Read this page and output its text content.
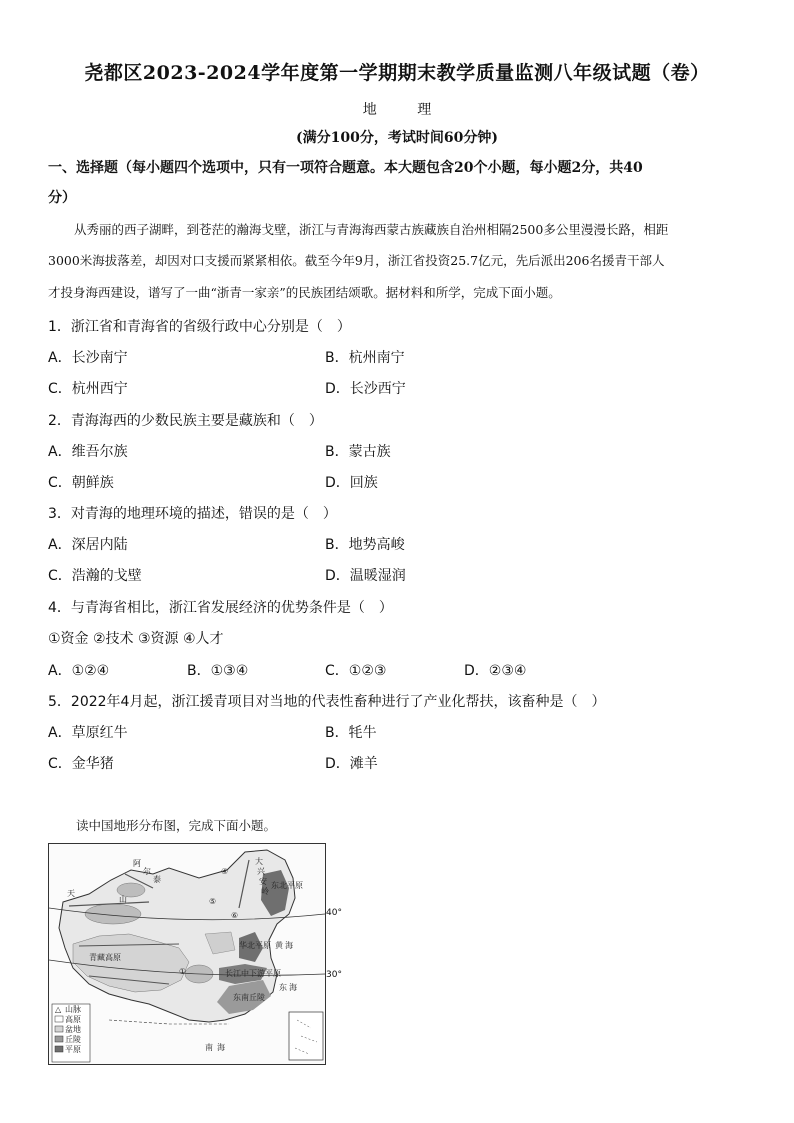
尧都区2023-2024学年度第一学期期末教学质量监测八年级试题（卷）
地 理
(满分100分，考试时间60分钟)
一、选择题（每小题四个选项中，只有一项符合题意。本大题包含20个小题，每小题2分，共40
分）
从秀丽的西子湖畔，到苍茫的瀚海戈壁，浙江与青海海西蒙古族藏族自治州相隔2500多公里漫漫长路，相距
3000米海拔落差，却因对口支援而紧紧相依。截至今年9月，浙江省投资25.7亿元，先后派出206名援青干部人
才投身海西建设，谱写了一曲“浙青一家亲”的民族团结颂歌。据材料和所学，完成下面小题。
1．浙江省和青海省的省级行政中心分别是（　）
A．长沙南宁	B．杭州南宁
C．杭州西宁	D．长沙西宁
2．青海海西的少数民族主要是藏族和（　）
A．维吾尔族	B．蒙古族
C．朝鲜族	D．回族
3．对青海的地理环境的描述，错误的是（　）
A．深居内陆	B．地势高峻
C．浩瀚的戈壁	D．温暖湿润
4．与青海省相比，浙江省发展经济的优势条件是（　）
①资金 ②技术 ③资源 ④人才
A．①②④	B．①③④	C．①②③	D．②③④
5．2022年4月起，浙江援青项目对当地的代表性畜种进行了产业化帮扶，该畜种是（　）
A．草原红牛	B．牦牛
C．金华猪	D．滩羊
读中国地形分布图，完成下面小题。
阿
尔
泰
天
山
大
兴
安
岭
东北平原
华北平原
青藏高原
黄 海
东 海
南 海
长江中下游平原
东南丘陵
④
⑤
⑥
①
△ 山脉
高原
盆地
丘陵
平原
40°
30°
